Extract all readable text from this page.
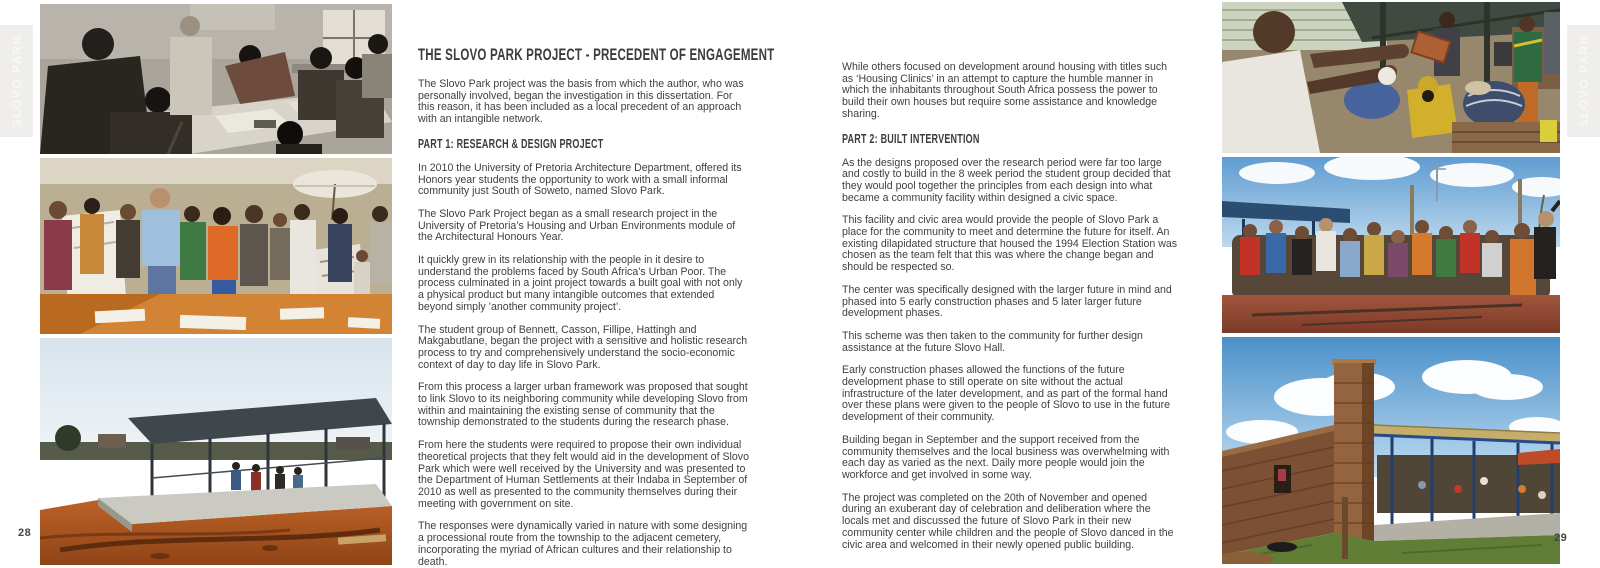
SLOVO PARK	SLOVO PARK
THE SLOVO PARK PROJECT - PRECEDENT OF ENGAGEMENT

The Slovo Park project was the basis from which the author, who was personally involved, began the investigation in this dissertation. For this reason, it has been included as a local precedent of an approach with an intangible network.

PART 1: RESEARCH & DESIGN PROJECT

In 2010 the University of Pretoria Architecture Department, offered its Honors year students the opportunity to work with a small informal community just South of Soweto, named Slovo Park.

The Slovo Park Project began as a small research project in the University of Pretoria’s Housing and Urban Environments module of the Architectural Honours Year.

It quickly grew in its relationship with the people in it desire to understand the problems faced by South Africa’s Urban Poor. The process culminated in a joint project towards a built goal with not only a physical product but many intangible outcomes that extended beyond simply ’another community project’.

The student group of Bennett, Casson, Fillipe, Hattingh and Makgabutlane, began the project with a sensitive and holistic research process to try and comprehensively understand the socio-economic context of day to day life in Slovo Park.

From this process a larger urban framework was proposed that sought to link Slovo to its neighboring community while developing Slovo from within and maintaining the existing sense of community that the township demonstrated to the students during the research phase.

From here the students were required to propose their own individual theoretical projects that they felt would aid in the development of Slovo Park which were well received by the University and was presented to the Department of Human Settlements at their Indaba in September of 2010 as well as presented to the community themselves during their meeting with government on site.

The responses were dynamically varied in nature with some designing a processional route from the township to the adjacent cemetery, incorporating the myriad of African cultures and their relationship to death.

While others focused on development around housing with titles such as ‘Housing Clinics’ in an attempt to capture the humble manner in which the inhabitants throughout South Africa possess the power to build their own houses but require some assistance and knowledge sharing.

PART 2: BUILT INTERVENTION

As the designs proposed over the research period were far too large and costly to build in the 8 week period the student group decided that they would pool together the principles from each design into what became a community facility within designed a civic space.

This facility and civic area would provide the people of Slovo Park a place for the community to meet and determine the future for itself. An existing dilapidated structure that housed the 1994 Election Station was chosen as the team felt that this was where the change began and should be respected so.

The center was specifically designed with the larger future in mind and phased into 5 early construction phases and 5 later larger future development phases.

This scheme was then taken to the community for further design assistance at the future Slovo Hall.

Early construction phases allowed the functions of the future development phase to still operate on site without the actual infrastructure of the later development, and as part of the formal hand over these plans were given to the people of Slovo to use in the future development of their community.

Building began in September and the support received from the community themselves and the local business was overwhelming with each day as varied as the next. Daily more people would join the workforce and get involved in some way.

The project was completed on the 20th of November and opened during an exuberant day of celebration and deliberation where the locals met and discussed the future of Slovo Park in their new community center while children and the people of Slovo danced in the civic area and welcomed in their newly opened public building.

28	29
